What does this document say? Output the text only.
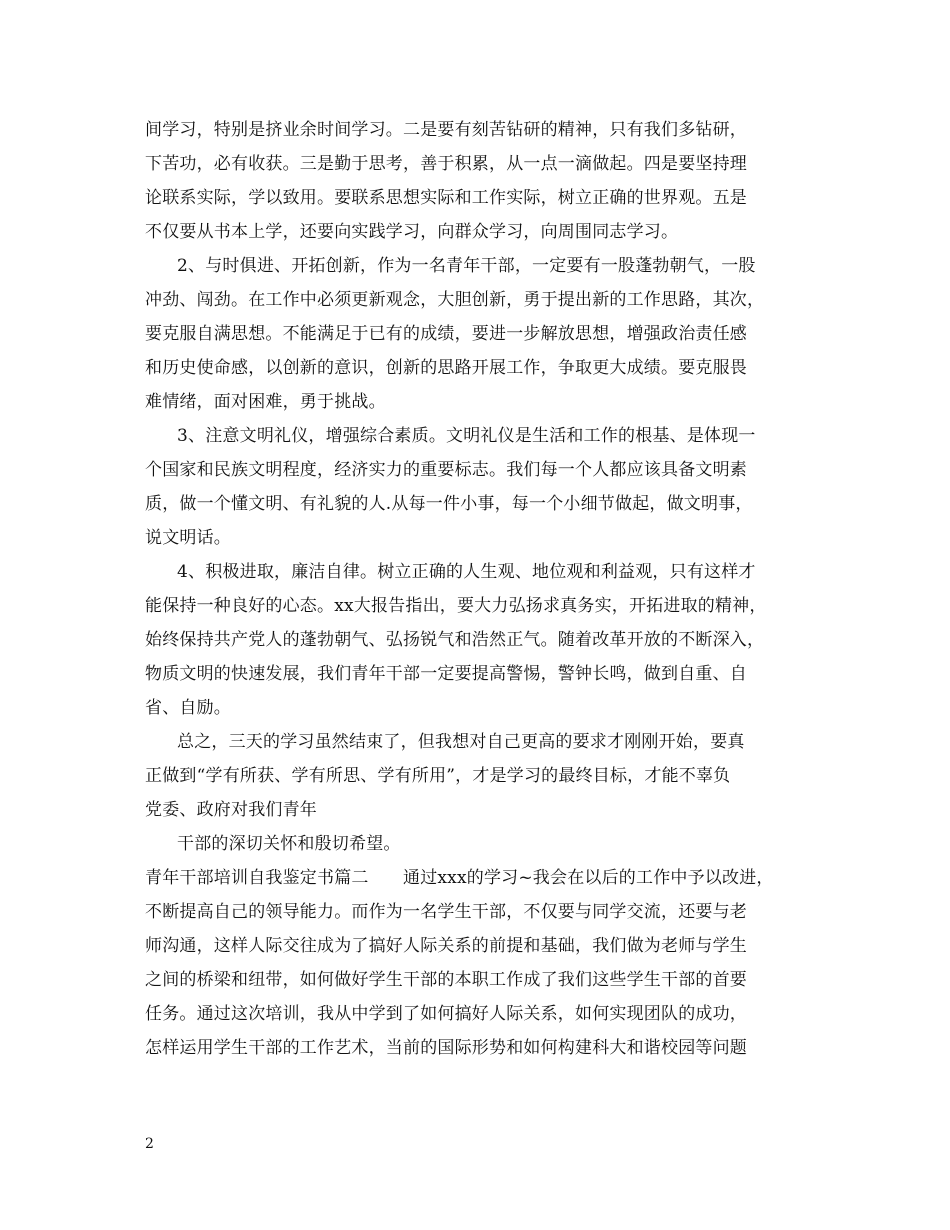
间学习，特别是挤业余时间学习。二是要有刻苦钻研的精神，只有我们多钻研，
下苦功，必有收获。三是勤于思考，善于积累，从一点一滴做起。四是要坚持理
论联系实际，学以致用。要联系思想实际和工作实际，树立正确的世界观。五是
不仅要从书本上学，还要向实践学习，向群众学习，向周围同志学习。
2、与时俱进、开拓创新，作为一名青年干部，一定要有一股蓬勃朝气，一股
冲劲、闯劲。在工作中必须更新观念，大胆创新，勇于提出新的工作思路，其次，
要克服自满思想。不能满足于已有的成绩，要进一步解放思想，增强政治责任感
和历史使命感，以创新的意识，创新的思路开展工作，争取更大成绩。要克服畏
难情绪，面对困难，勇于挑战。
3、注意文明礼仪，增强综合素质。文明礼仪是生活和工作的根基、是体现一
个国家和民族文明程度，经济实力的重要标志。我们每一个人都应该具备文明素
质，做一个懂文明、有礼貌的人.从每一件小事，每一个小细节做起，做文明事，
说文明话。
4、积极进取，廉洁自律。树立正确的人生观、地位观和利益观，只有这样才
能保持一种良好的心态。xx大报告指出，要大力弘扬求真务实，开拓进取的精神，
始终保持共产党人的蓬勃朝气、弘扬锐气和浩然正气。随着改革开放的不断深入，
物质文明的快速发展，我们青年干部一定要提高警惕，警钟长鸣，做到自重、自
省、自励。
总之，三天的学习虽然结束了，但我想对自己更高的要求才刚刚开始，要真
正做到“学有所获、学有所思、学有所用”，才是学习的最终目标，才能不辜负
党委、政府对我们青年
干部的深切关怀和殷切希望。
青年干部培训自我鉴定书篇二　　通过xxx的学习~我会在以后的工作中予以改进，
不断提高自己的领导能力。而作为一名学生干部，不仅要与同学交流，还要与老
师沟通，这样人际交往成为了搞好人际关系的前提和基础，我们做为老师与学生
之间的桥梁和纽带，如何做好学生干部的本职工作成了我们这些学生干部的首要
任务。通过这次培训，我从中学到了如何搞好人际关系，如何实现团队的成功，
怎样运用学生干部的工作艺术，当前的国际形势和如何构建科大和谐校园等问题
2
